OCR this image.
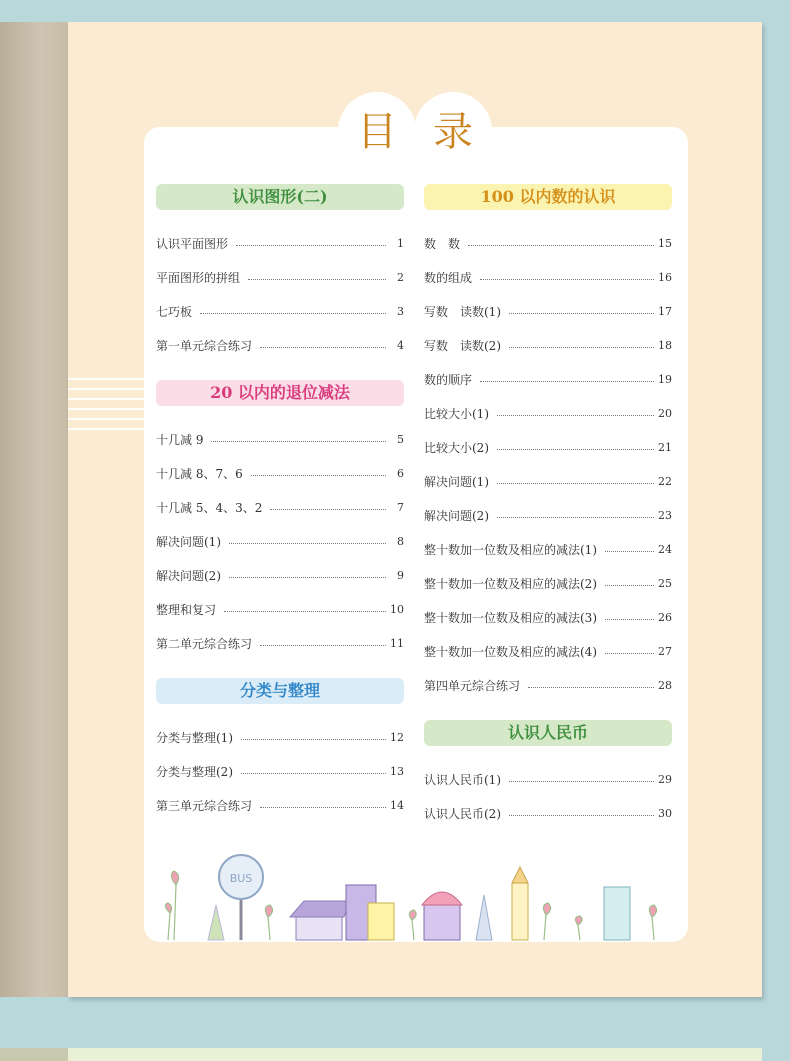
目 录
认识图形(二)
认识平面图形	1
平面图形的拼组	2
七巧板	3
第一单元综合练习	4
20 以内的退位减法
十几减 9	5
十几减 8、7、6	6
十几减 5、4、3、2	7
解决问题(1)	8
解决问题(2)	9
整理和复习	10
第二单元综合练习	11
分类与整理
分类与整理(1)	12
分类与整理(2)	13
第三单元综合练习	14
100 以内数的认识
数　数	15
数的组成	16
写数　读数(1)	17
写数　读数(2)	18
数的顺序	19
比较大小(1)	20
比较大小(2)	21
解决问题(1)	22
解决问题(2)	23
整十数加一位数及相应的减法(1)	24
整十数加一位数及相应的减法(2)	25
整十数加一位数及相应的减法(3)	26
整十数加一位数及相应的减法(4)	27
第四单元综合练习	28
认识人民币
认识人民币(1)	29
认识人民币(2)	30
BUS
